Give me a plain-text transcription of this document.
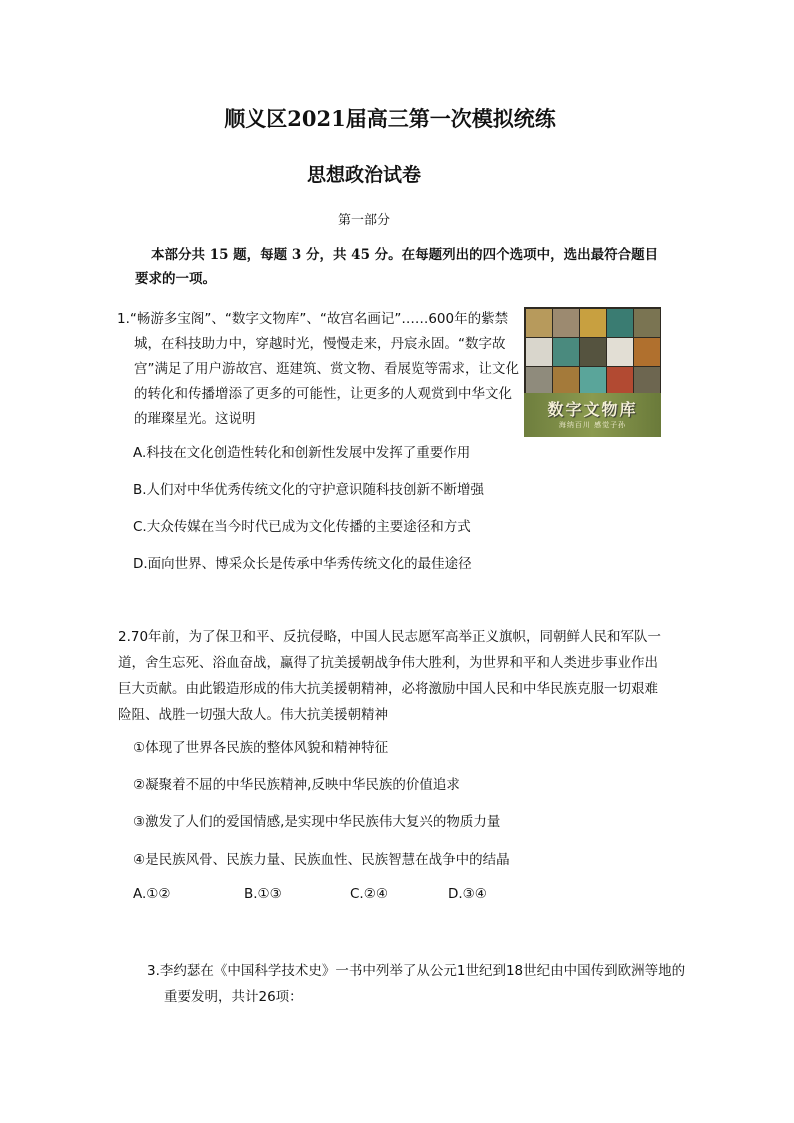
顺义区2021届高三第一次模拟统练
思想政治试卷
第一部分
本部分共 15 题，每题 3 分，共 45 分。在每题列出的四个选项中，选出最符合题目要求的一项。
1.“畅游多宝阁”、“数字文物库”、“故宫名画记”……600年的紫禁城，在科技助力中，穿越时光，慢慢走来，丹宸永固。“数字故宫”满足了用户游故宫、逛建筑、赏文物、看展览等需求，让文化的转化和传播增添了更多的可能性，让更多的人观赏到中华文化的璀璨星光。这说明	数字文物库
海纳百川 感觉子孙
A.科技在文化创造性转化和创新性发展中发挥了重要作用
B.人们对中华优秀传统文化的守护意识随科技创新不断增强
C.大众传媒在当今时代已成为文化传播的主要途径和方式
D.面向世界、博采众长是传承中华秀传统文化的最佳途径
2.70年前，为了保卫和平、反抗侵略，中国人民志愿军高举正义旗帜，同朝鲜人民和军队一道，舍生忘死、浴血奋战，赢得了抗美援朝战争伟大胜利，为世界和平和人类进步事业作出巨大贡献。由此锻造形成的伟大抗美援朝精神，必将激励中国人民和中华民族克服一切艰难险阻、战胜一切强大敌人。伟大抗美援朝精神
①体现了世界各民族的整体风貌和精神特征
②凝聚着不屈的中华民族精神,反映中华民族的价值追求
③激发了人们的爱国情感,是实现中华民族伟大复兴的物质力量
④是民族风骨、民族力量、民族血性、民族智慧在战争中的结晶
A.①②	B.①③	C.②④	D.③④
3.李约瑟在《中国科学技术史》一书中列举了从公元1世纪到18世纪由中国传到欧洲等地的重要发明，共计26项：
